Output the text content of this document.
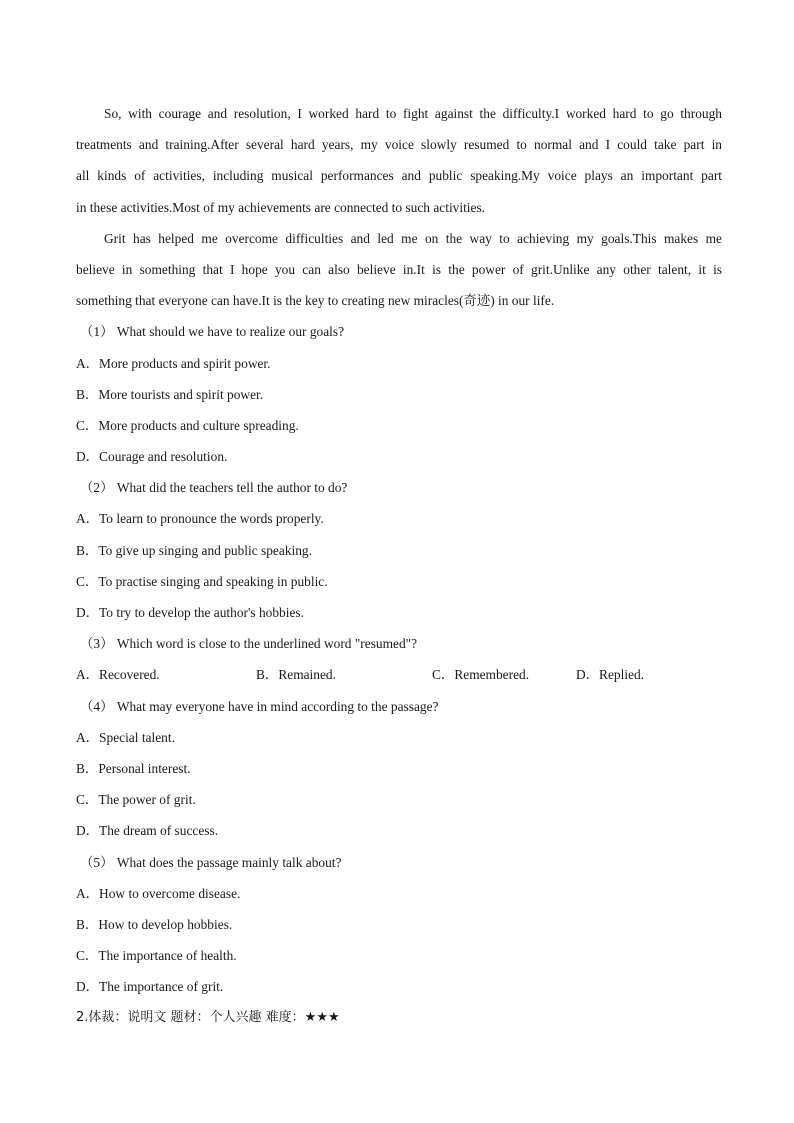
So, with courage and resolution, I worked hard to fight against the difficulty.I worked hard to go through
treatments and training.After several hard years, my voice slowly resumed to normal and I could take part in
all kinds of activities, including musical performances and public speaking.My voice plays an important part
in these activities.Most of my achievements are connected to such activities.
Grit has helped me overcome difficulties and led me on the way to achieving my goals.This makes me
believe in something that I hope you can also believe in.It is the power of grit.Unlike any other talent, it is
something that everyone can have.It is the key to creating new miracles(奇迹) in our life.
（1） What should we have to realize our goals?
A．More products and spirit power.
B．More tourists and spirit power.
C．More products and culture spreading.
D．Courage and resolution.
（2） What did the teachers tell the author to do?
A．To learn to pronounce the words properly.
B．To give up singing and public speaking.
C．To practise singing and speaking in public.
D．To try to develop the author's hobbies.
（3） Which word is close to the underlined word "resumed"?
A．Recovered.	B．Remained.	C．Remembered.	D．Replied.
（4） What may everyone have in mind according to the passage?
A．Special talent.
B．Personal interest.
C．The power of grit.
D．The dream of success.
（5） What does the passage mainly talk about?
A．How to overcome disease.
B．How to develop hobbies.
C．The importance of health.
D．The importance of grit.
2.体裁：说明文 题材：个人兴趣 难度：★★★
